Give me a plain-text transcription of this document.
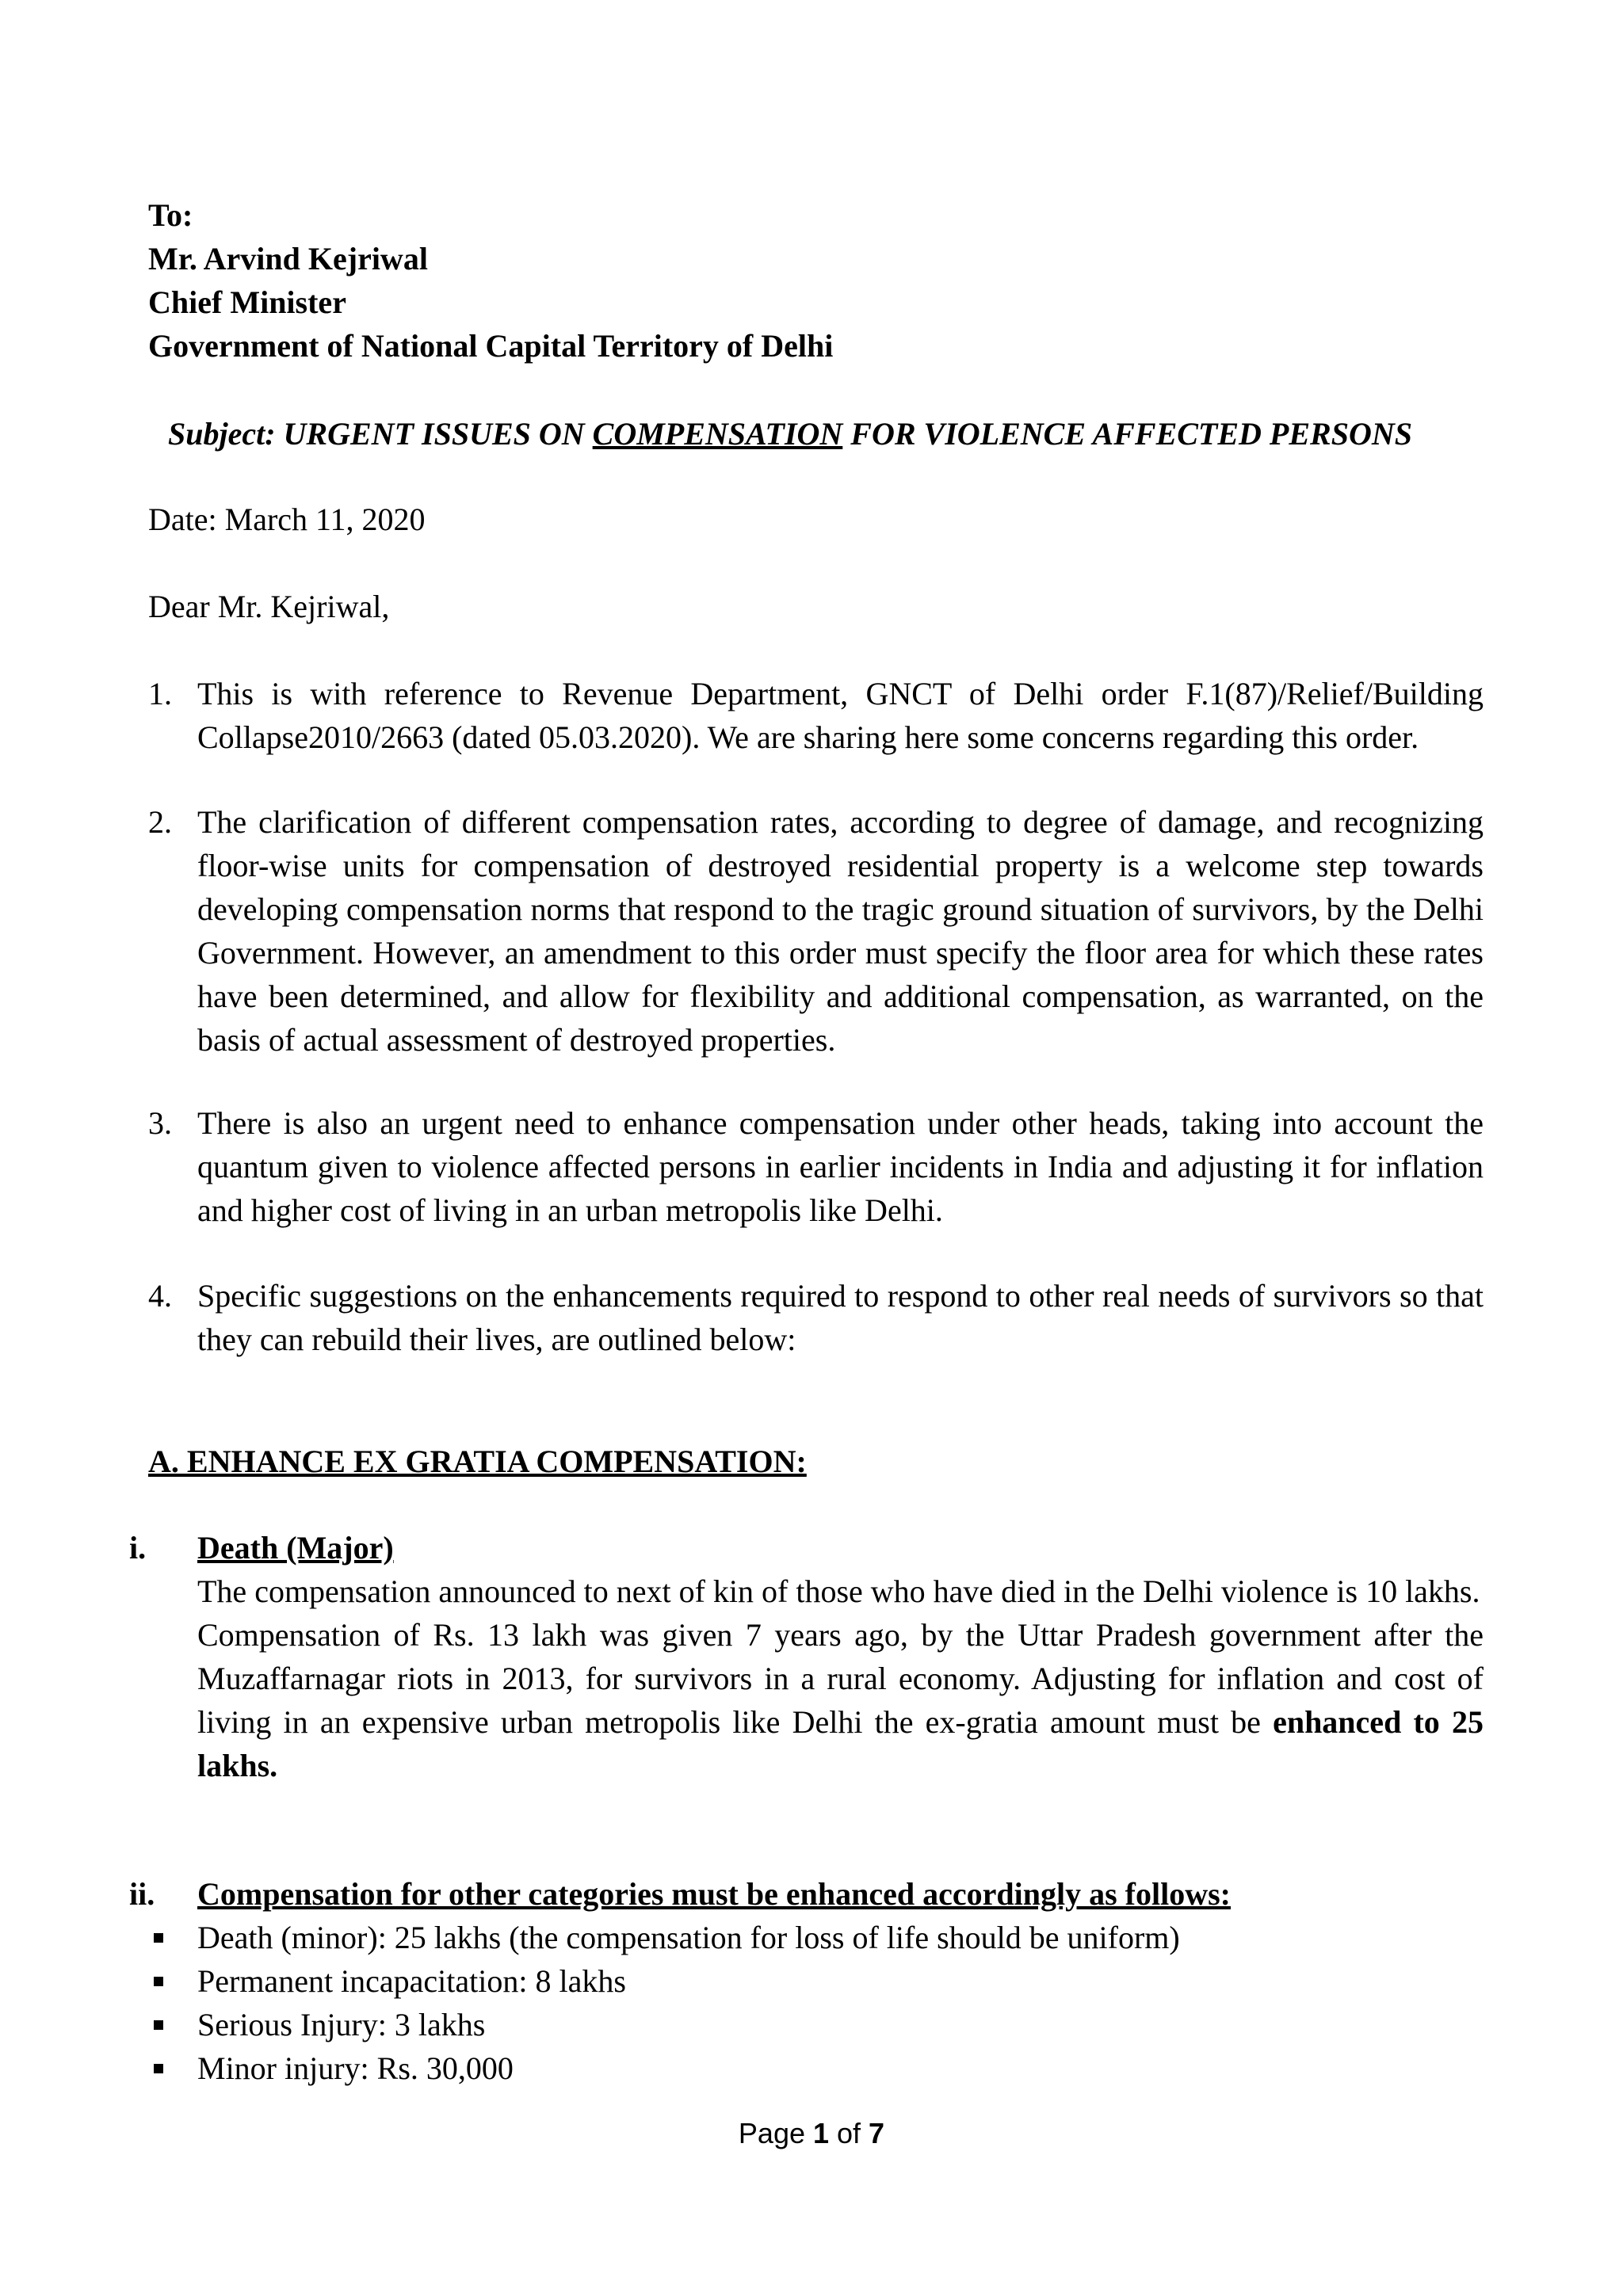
To:
Mr. Arvind Kejriwal
Chief Minister
Government of National Capital Territory of Delhi
Subject: URGENT ISSUES ON COMPENSATION FOR VIOLENCE AFFECTED PERSONS
Date: March 11, 2020
Dear Mr. Kejriwal,
1. This is with reference to Revenue Department, GNCT of Delhi order F.1(87)/Relief/Building Collapse2010/2663 (dated 05.03.2020). We are sharing here some concerns regarding this order.
2. The clarification of different compensation rates, according to degree of damage, and recognizing floor-wise units for compensation of destroyed residential property is a welcome step towards developing compensation norms that respond to the tragic ground situation of survivors, by the Delhi Government. However, an amendment to this order must specify the floor area for which these rates have been determined, and allow for flexibility and additional compensation, as warranted, on the basis of actual assessment of destroyed properties.
3. There is also an urgent need to enhance compensation under other heads, taking into account the quantum given to violence affected persons in earlier incidents in India and adjusting it for inflation and higher cost of living in an urban metropolis like Delhi.
4. Specific suggestions on the enhancements required to respond to other real needs of survivors so that they can rebuild their lives, are outlined below:
A. ENHANCE EX GRATIA COMPENSATION:
i. Death (Major)

The compensation announced to next of kin of those who have died in the Delhi violence is 10 lakhs.

Compensation of Rs. 13 lakh was given 7 years ago, by the Uttar Pradesh government after the Muzaffarnagar riots in 2013, for survivors in a rural economy. Adjusting for inflation and cost of living in an expensive urban metropolis like Delhi the ex-gratia amount must be enhanced to 25 lakhs.

ii. Compensation for other categories must be enhanced accordingly as follows:
Death (minor): 25 lakhs (the compensation for loss of life should be uniform)
Permanent incapacitation: 8 lakhs
Serious Injury: 3 lakhs
Minor injury: Rs. 30,000
Page 1 of 7
